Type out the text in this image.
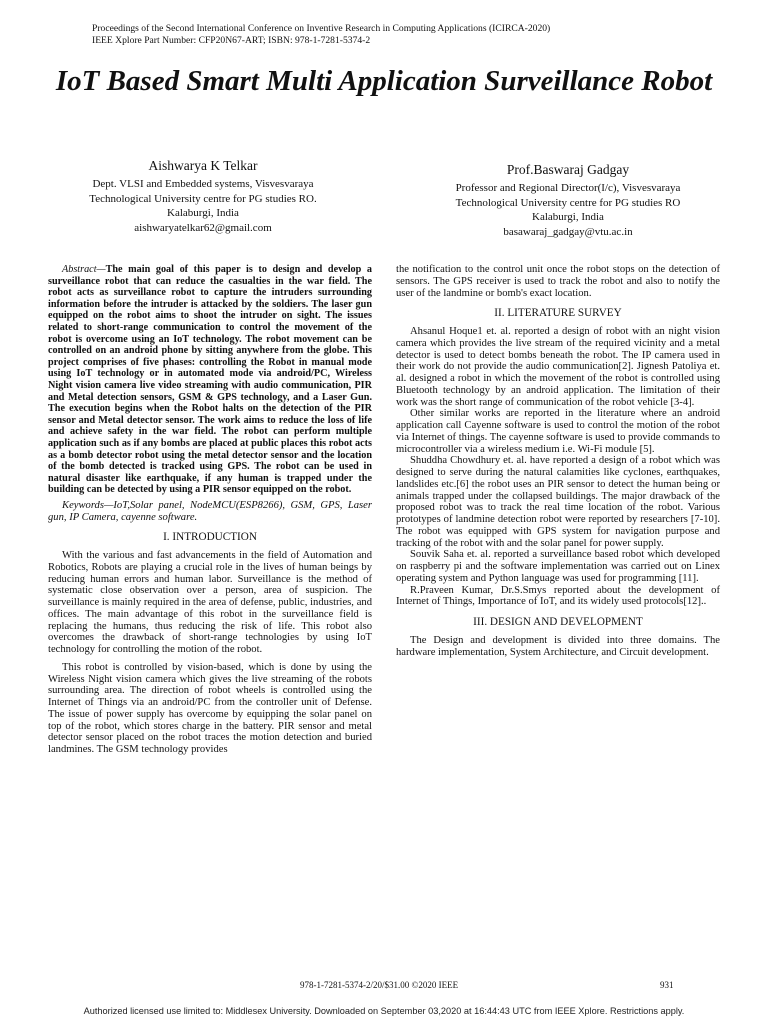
Proceedings of the Second International Conference on Inventive Research in Computing Applications (ICIRCA-2020)
IEEE Xplore Part Number: CFP20N67-ART; ISBN: 978-1-7281-5374-2
IoT Based Smart Multi Application Surveillance Robot
Aishwarya K Telkar
Dept. VLSI and Embedded systems, Visvesvaraya
Technological University centre for PG studies RO.
Kalaburgi, India
aishwaryatelkar62@gmail.com
Prof.Baswaraj Gadgay
Professor and Regional Director(I/c), Visvesvaraya
Technological University centre for PG studies RO
Kalaburgi, India
basawaraj_gadgay@vtu.ac.in

Abstract—The main goal of this paper is to design and develop a surveillance robot that can reduce the casualties in the war field. The robot acts as surveillance robot to capture the intruders surrounding information before the intruder is attacked by the soldiers. The laser gun equipped on the robot aims to shoot the intruder on sight. The issues related to short-range communication to control the movement of the robot is overcome using an IoT technology. The robot movement can be controlled on an android phone by sitting anywhere from the globe. This project comprises of five phases: controlling the Robot in manual mode using IoT technology or in automated mode via android/PC, Wireless Night vision camera live video streaming with audio communication, PIR and Metal detection sensors, GSM & GPS technology, and a Laser Gun. The execution begins when the Robot halts on the detection of the PIR sensor and Metal detector sensor. The work aims to reduce the loss of life and achieve safety in the war field. The robot can perform multiple application such as if any bombs are placed at public places this robot acts as a bomb detector robot using the metal detector sensor and the location of the bomb detected is tracked using GPS. The robot can be used in natural disaster like earthquake, if any human is trapped under the building can be detected by using a PIR sensor equipped on the robot.

Keywords—IoT,Solar panel, NodeMCU(ESP8266), GSM, GPS, Laser gun, IP Camera, cayenne software.

I. INTRODUCTION

With the various and fast advancements in the field of Automation and Robotics, Robots are playing a crucial role in the lives of human beings by reducing human errors and human labor. Surveillance is the method of systematic close observation over a person, area of suspicion. The surveillance is mainly required in the area of defense, public, industries, and offices. The main advantage of this robot in the surveillance field is replacing the humans, thus reducing the risk of life. This robot also overcomes the drawback of short-range technologies by using IoT technology for controlling the motion of the robot.

This robot is controlled by vision-based, which is done by using the Wireless Night vision camera which gives the live streaming of the robots surrounding area. The direction of robot wheels is controlled using the Internet of Things via an android/PC from the controller unit of Defense. The issue of power supply has overcome by equipping the solar panel on top of the robot, which stores charge in the battery. PIR sensor and metal detector sensor placed on the robot traces the motion detection and buried landmines. The GSM technology provides

the notification to the control unit once the robot stops on the detection of sensors. The GPS receiver is used to track the robot and also to notify the user of the landmine or bomb's exact location.

II. LITERATURE SURVEY

Ahsanul Hoque1 et. al. reported a design of robot with an night vision camera which provides the live stream of the required vicinity and a metal detector is used to detect bombs beneath the robot. The IP camera used in their work do not provide the audio communication[2]. Jignesh Patoliya et. al. designed a robot in which the movement of the robot is controlled using Bluetooth technology by an android application. The limitation of their work was the short range of communication of the robot vehicle [3-4].

Other similar works are reported in the literature where an android application call Cayenne software is used to control the motion of the robot via Internet of things. The cayenne software is used to provide commands to microcontroller via a wireless medium i.e. Wi-Fi module [5].

Shuddha Chowdhury et. al. have reported a design of a robot which was designed to serve during the natural calamities like cyclones, earthquakes, landslides etc.[6] the robot uses an PIR sensor to detect the human being or animals trapped under the collapsed buildings. The major drawback of the proposed robot was to track the real time location of the robot. Various prototypes of landmine detection robot were reported by researchers [7-10]. The robot was equipped with GPS system for navigation purpose and tracking of the robot with and the solar panel for power supply.

Souvik Saha et. al. reported a surveillance based robot which developed on raspberry pi and the software implementation was carried out on Linex operating system and Python language was used for programming [11].

R.Praveen Kumar, Dr.S.Smys reported about the development of Internet of Things, Importance of IoT, and its widely used protocols[12]..

III. DESIGN AND DEVELOPMENT

The Design and development is divided into three domains. The hardware implementation, System Architecture, and Circuit development.

978-1-7281-5374-2/20/$31.00 ©2020 IEEE	931
Authorized licensed use limited to: Middlesex University. Downloaded on September 03,2020 at 16:44:43 UTC from IEEE Xplore. Restrictions apply.
